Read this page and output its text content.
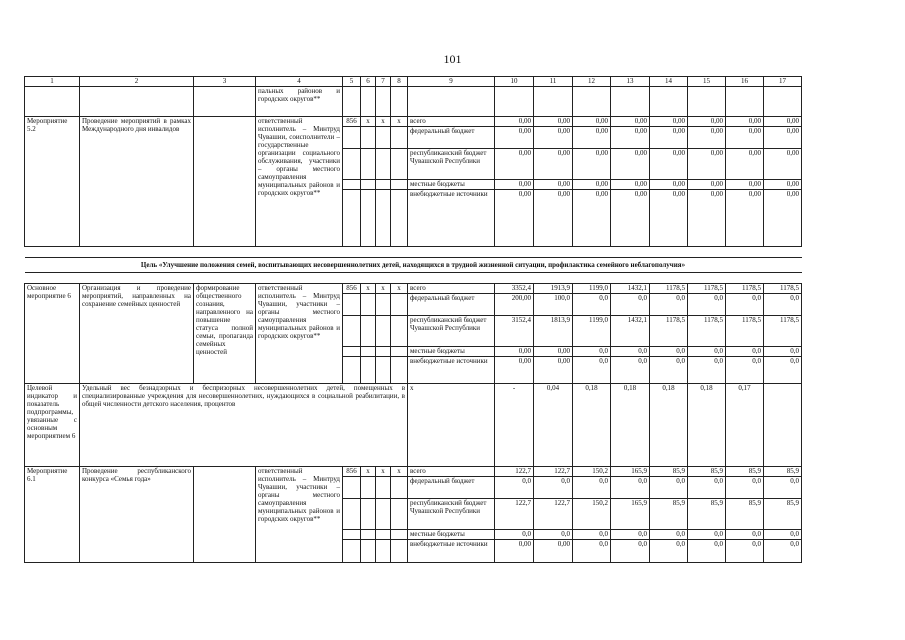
101
1	2	3	4	5	6	7	8	9	10	11	12	13	14	15	16	17
			пальных районов и городских округов**													
Мероприятие 5.2	Проведение мероприятий в рамках Международного дня инвалидов		ответственный исполнитель – Минтруд Чувашии, соисполнители – государственные организации социального обслуживания, участники – органы местного самоуправления муниципальных районов и городских округов**	856	x	x	x	всего	0,00	0,00	0,00	0,00	0,00	0,00	0,00	0,00
								федеральный бюджет	0,00	0,00	0,00	0,00	0,00	0,00	0,00	0,00
								республиканский бюджет Чувашской Республики	0,00	0,00	0,00	0,00	0,00	0,00	0,00	0,00
								местные бюджеты	0,00	0,00	0,00	0,00	0,00	0,00	0,00	0,00
								внебюджетные источники	0,00	0,00	0,00	0,00	0,00	0,00	0,00	0,00

Цель «Улучшение положения семей, воспитывающих несовершеннолетних детей, находящихся в трудной жизненной ситуации, профилактика семейного неблагополучия»																

Основное мероприятие 6	Организация и проведение мероприятий, направленных на сохранение семейных ценностей	формирование общественного сознания, направленного на повышение статуса полной семьи, пропаганда семейных ценностей	ответственный исполнитель – Минтруд Чувашии, участники – органы местного самоуправления муниципальных районов и городских округов**	856	x	x	x	всего	3352,4	1913,9	1199,0	1432,1	1178,5	1178,5	1178,5	1178,5
								федеральный бюджет	200,00	100,0	0,0	0,0	0,0	0,0	0,0	0,0
								республиканский бюджет Чувашской Республики	3152,4	1813,9	1199,0	1432,1	1178,5	1178,5	1178,5	1178,5
								местные бюджеты	0,00	0,00	0,0	0,0	0,0	0,0	0,0	0,0
								внебюджетные источники	0,00	0,00	0,0	0,0	0,0	0,0	0,0	0,0
Целевой индикатор и показатель подпрограммы, увязанные с основным мероприятием 6	Удельный вес безнадзорных и беспризорных несовершеннолетних детей, помещенных в специализированные учреждения для несовершеннолетних, нуждающихся в социальной реабилитации, в общей численности детского населения, процентов							x	-	0,04	0,18	0,18	0,18	0,18	0,17	
Мероприятие 6.1	Проведение республиканского конкурса «Семья года»		ответственный исполнитель – Минтруд Чувашии, участники – органы местного самоуправления муниципальных районов и городских округов**	856	x	x	x	всего	122,7	122,7	150,2	165,9	85,9	85,9	85,9	85,9
								федеральный бюджет	0,0	0,0	0,0	0,0	0,0	0,0	0,0	0,0
								республиканский бюджет Чувашской Республики	122,7	122,7	150,2	165,9	85,9	85,9	85,9	85,9
								местные бюджеты	0,0	0,0	0,0	0,0	0,0	0,0	0,0	0,0
								внебюджетные источники	0,00	0,00	0,0	0,0	0,0	0,0	0,0	0,0
